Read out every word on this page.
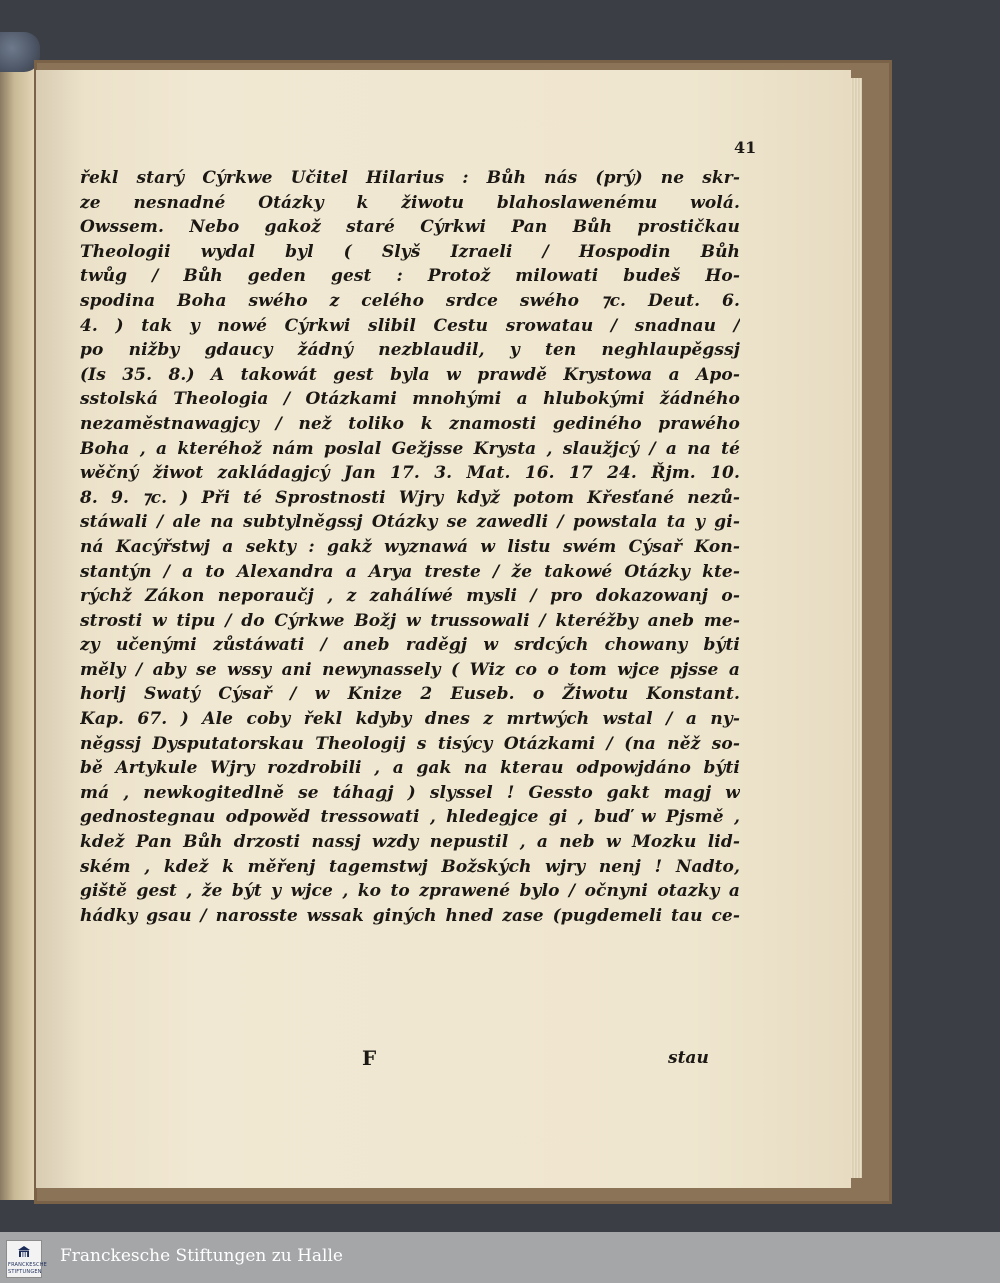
41
řekl starý Cýrkwe Učitel Hilarius : Bůh nás (prý) ne skr-
ze nesnadné Otázky k žiwotu blahoslawenému wolá.
Owssem. Nebo gakož staré Cýrkwi Pan Bůh prostičkau
Theologii wydal byl ( Slyš Izraeli / Hospodin Bůh
twůg / Bůh geden gest : Protož milowati budeš Ho-
spodina Boha swého z celého srdce swého ⁊c. Deut. 6.
4. ) tak y nowé Cýrkwi slibil Cestu srowatau / snadnau /
po nižby gdaucy žádný nezblaudil, y ten neghlaupěgssj
(Is 35. 8.) A takowát gest byla w prawdě Krystowa a Apo-
sstolská Theologia / Otázkami mnohými a hlubokými žádného
nezaměstnawagjcy / než toliko k znamosti gediného prawého
Boha , a kteréhož nám poslal Gežjsse Krysta , slaužjcý / a na té
wěčný žiwot zakládagjcý Jan 17. 3. Mat. 16. 17 24. Řjm. 10.
8. 9. ⁊c. ) Při té Sprostnosti Wjry když potom Křesťané nezů-
stáwali / ale na subtylněgssj Otázky se zawedli / powstala ta y gi-
ná Kacýřstwj a sekty : gakž wyznawá w listu swém Cýsař Kon-
stantýn / a to Alexandra a Arya treste / že takowé Otázky kte-
rýchž Zákon neporaučj , z zahálíwé mysli / pro dokazowanj o-
strosti w tipu / do Cýrkwe Božj w trussowali / kteréžby aneb me-
zy učenými zůstáwati / aneb raděgj w srdcých chowany býti
měly / aby se wssy ani newynassely ( Wiz co o tom wjce pjsse a
horlj Swatý Cýsař / w Knize 2 Euseb. o Žiwotu Konstant.
Kap. 67. ) Ale coby řekl kdyby dnes z mrtwých wstal / a ny-
něgssj Dysputatorskau Theologij s tisýcy Otázkami / (na něž so-
bě Artykule Wjry rozdrobili , a gak na kterau odpowjdáno býti
má , newkogitedlně se táhagj ) slyssel ! Gessto gakt magj w
gednostegnau odpowěd tressowati , hledegjce gi , buď w Pjsmě ,
kdež Pan Bůh drzosti nassj wzdy nepustil , a neb w Mozku lid-
ském , kdež k měřenj tagemstwj Božských wjry nenj ! Nadto,
giště gest , že být y wjce , ko to zprawené bylo / očnyni otazky a
hádky gsau / narosste wssak giných hned zase (pugdemeli tau ce-
F	stau
FRANCKESCHE
STIFTUNGEN
Franckesche Stiftungen zu Halle
